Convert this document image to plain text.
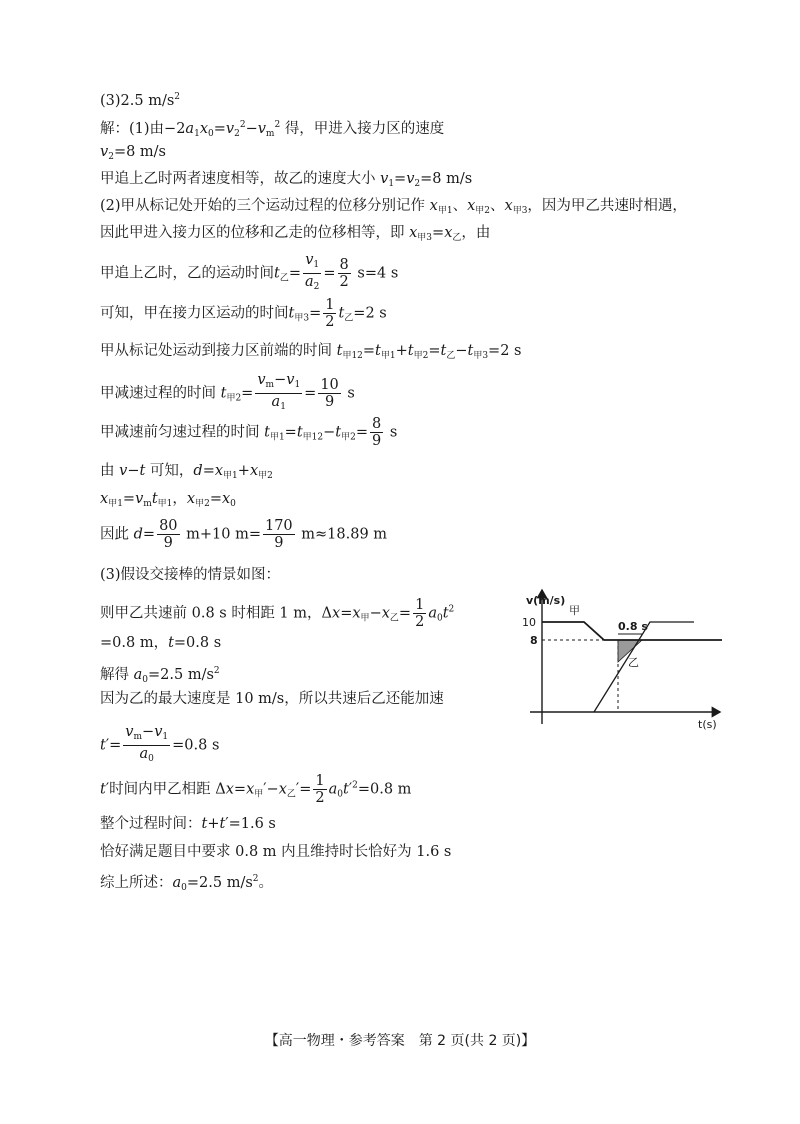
(3)2.5 $m/s^2$
解：(1)由$-2a_1x_0=v_2^2-v_m^2$ 得，甲进入接力区的速度
$v_2=8$ m/s
甲追上乙时两者速度相等，故乙的速度大小 $v_1=v_2=8$ m/s
(2)甲从标记处开始的三个运动过程的位移分别记作 $x_{甲1}$、$x_{甲2}$、$x_{甲3}$，因为甲乙共速时相遇，
因此甲进入接力区的位移和乙走的位移相等，即 $x_{甲3}=x_乙$，由
甲追上乙时，乙的运动时间$t_乙= \frac{v_1}{a_2} = \frac{8}{2} s=4$ s
可知，甲在接力区运动的时间$t_{甲3}= \frac{1}{2} t_乙=2$ s
甲从标记处运动到接力区前端的时间 $t_{甲12}=t_{甲1}+t_{甲2}=t_乙-t_{甲3}=2$ s
甲减速过程的时间 $t_{甲2}= \frac{v_m-v_1}{a_1} = \frac{10}{9}$ s
甲减速前匀速过程的时间 $t_{甲1}=t_{甲12}-t_{甲2}= \frac{8}{9}$ s
由 v−t 可知，$d=x_{甲1}+x_{甲2}$
$x_{甲1}=v_mt_{甲1}$，$x_{甲2}=x_0$
因此 $d= \frac{80}{9} m+10$ $m= \frac{170}{9} m\approx 18.89$ m
(3)假设交接棒的情景如图：
则甲乙共速前 0.8 s 时相距 1 m，$\Delta x=x_甲-x_乙= \frac{1}{2} a_0t^2$
=0.8 m，t=0.8 s
解得 $a_0=2.5$ $m/s^2$
因为乙的最大速度是 10 m/s，所以共速后乙还能加速
$t'= \frac{v_m-v_1}{a_0} =0.8$ s
t′时间内甲乙相距 $\Delta x=x_甲'-x_乙'= \frac{1}{2} a_0t'^2=0.8$ m
整个过程时间：t+t′=1.6 s
恰好满足题目中要求 0.8 m 内且维持时长恰好为 1.6 s
综上所述：$a_0=2.5$ $m/s^2$。
v(m/s)
t(s)
10
8
0.8 s
甲
乙
【高一物理・参考答案　第 2 页(共 2 页)】
